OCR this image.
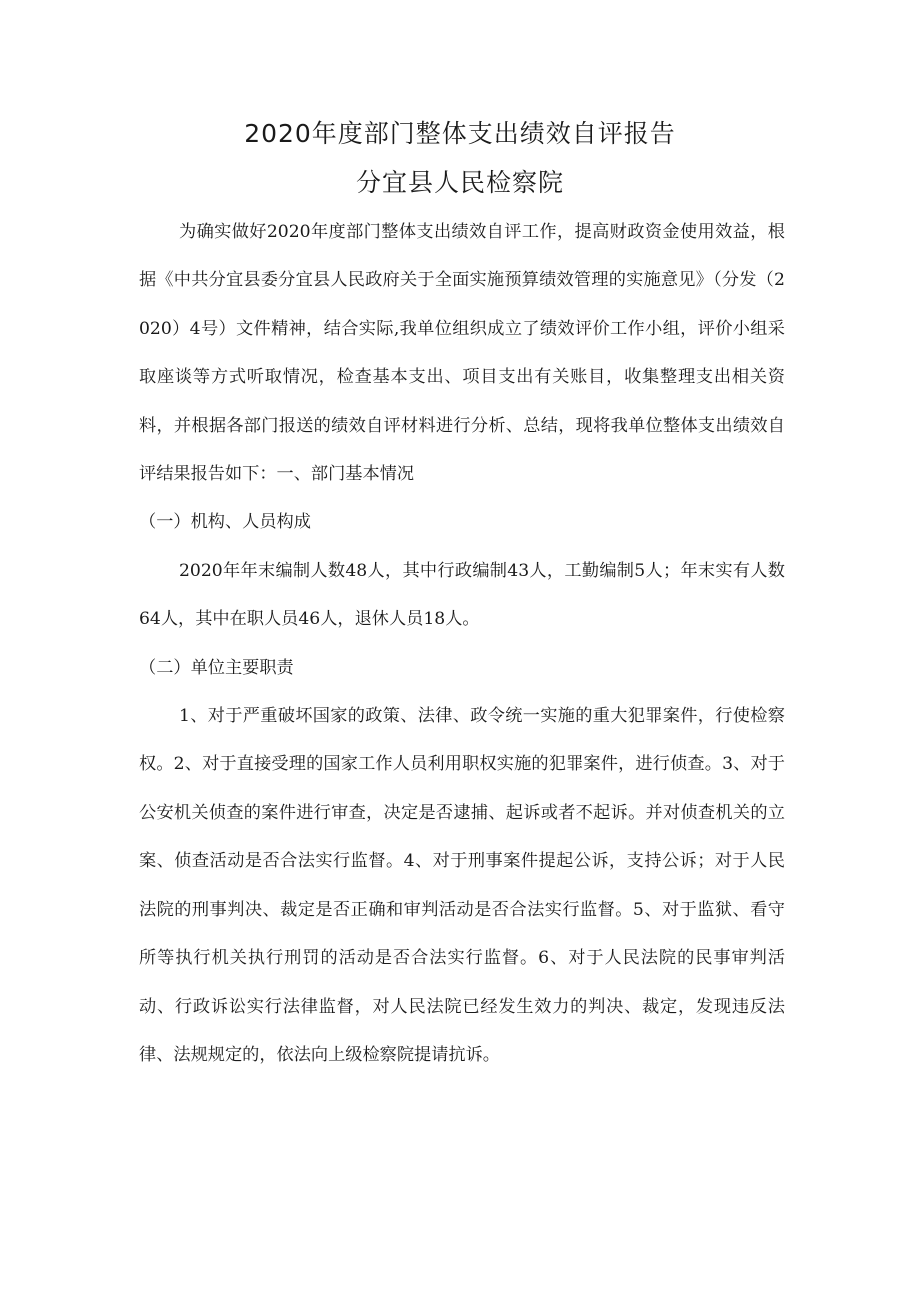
2020年度部门整体支出绩效自评报告
分宜县人民检察院

为确实做好2020年度部门整体支出绩效自评工作，提高财政资金使用效益，根据《中共分宜县委分宜县人民政府关于全面实施预算绩效管理的实施意见》（分发（2020）4号）文件精神，结合实际,我单位组织成立了绩效评价工作小组，评价小组采取座谈等方式听取情况，检查基本支出、项目支出有关账目，收集整理支出相关资料，并根据各部门报送的绩效自评材料进行分析、总结，现将我单位整体支出绩效自评结果报告如下：一、部门基本情况

（一）机构、人员构成

2020年年末编制人数48人，其中行政编制43人，工勤编制5人；年末实有人数64人，其中在职人员46人，退休人员18人。

（二）单位主要职责

1、对于严重破坏国家的政策、法律、政令统一实施的重大犯罪案件，行使检察权。2、对于直接受理的国家工作人员利用职权实施的犯罪案件，进行侦查。3、对于公安机关侦查的案件进行审查，决定是否逮捕、起诉或者不起诉。并对侦查机关的立案、侦查活动是否合法实行监督。4、对于刑事案件提起公诉，支持公诉；对于人民法院的刑事判决、裁定是否正确和审判活动是否合法实行监督。5、对于监狱、看守所等执行机关执行刑罚的活动是否合法实行监督。6、对于人民法院的民事审判活动、行政诉讼实行法律监督，对人民法院已经发生效力的判决、裁定，发现违反法律、法规规定的，依法向上级检察院提请抗诉。
